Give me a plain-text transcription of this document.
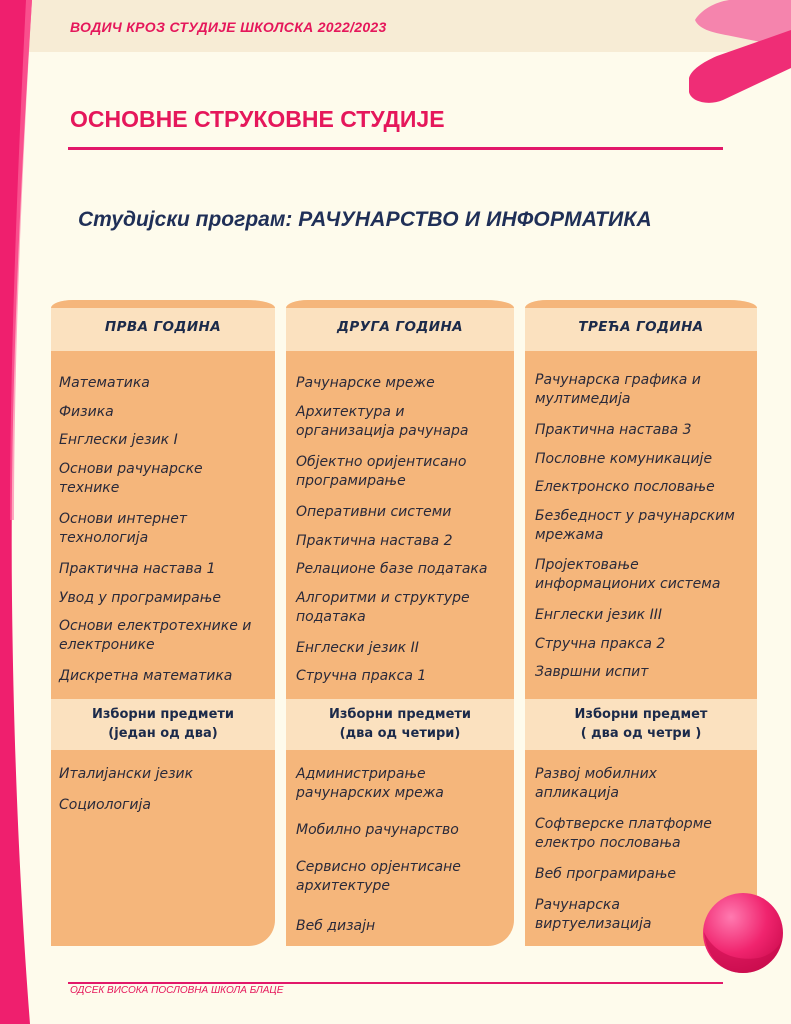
ВОДИЧ КРОЗ СТУДИЈЕ ШКОЛСКА 2022/2023
ОСНОВНЕ СТРУКОВНЕ СТУДИЈЕ
Студијски програм: РАЧУНАРСТВО И ИНФОРМАТИКА
ПРВА ГОДИНА
Математика
Физика
Енглески језик I
Основи рачунарске технике
Основи интернет технологија
Практична настава 1
Увод у програмирање
Основи електротехнике и електронике
Дискретна математика
Изборни предмети
(један од два)
Италијански језик
Социологија
ДРУГА ГОДИНА
Рачунарске мреже
Архитектура и организација рачунара
Објектно оријентисано програмирање
Оперативни системи
Практична настава 2
Релационе базе података
Алгоритми и структуре података
Енглески језик II
Стручна пракса 1
Изборни предмети
(два од четири)
Администрирање рачунарских мрежа
Мобилно рачунарство
Сервисно орјентисане архитектуре
Веб дизајн
ТРЕЋА ГОДИНА
Рачунарска графика и мултимедија
Практична настава 3
Пословне комуникације
Електронско пословање
Безбедност у рачунарским мрежама
Пројектовање информационих система
Енглески језик III
Стручна пракса 2
Завршни испит
Изборни предмет
( два од четри )
Развој мобилних апликација
Софтверске платформе електро пословања
Веб програмирање
Рачунарска виртуелизација
ОДСЕК ВИСОКА ПОСЛОВНА ШКОЛА БЛАЦЕ
